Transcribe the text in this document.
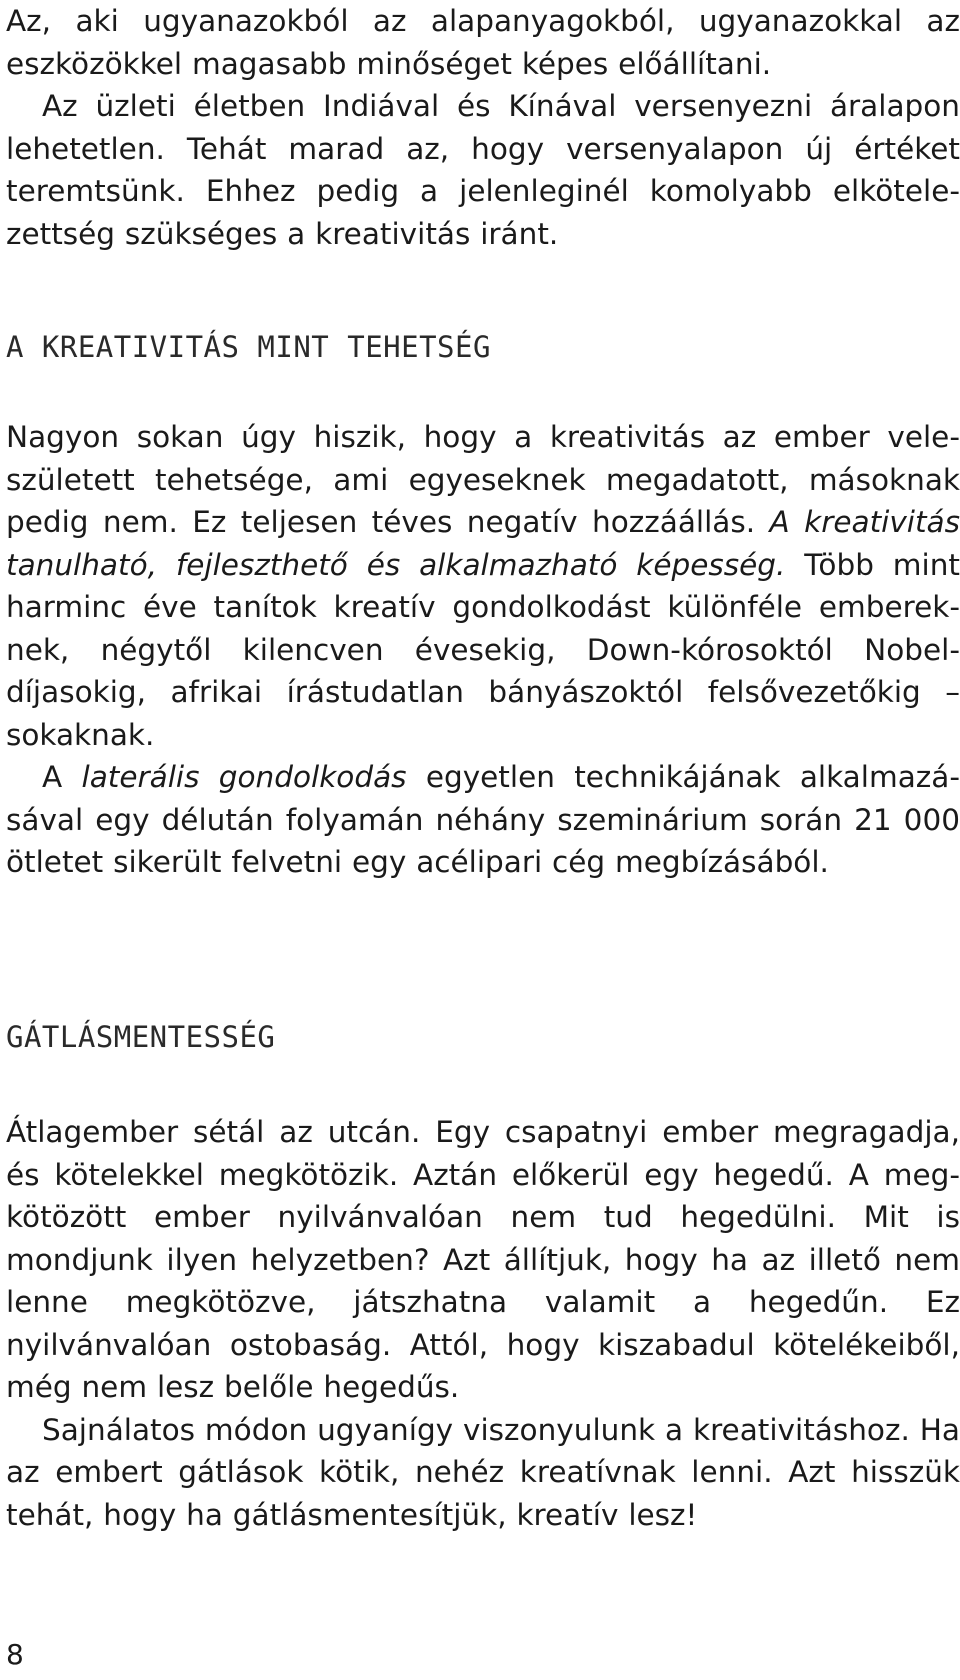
Az, aki ugyanazokból az alapanyagokból, ugyanazokkal az eszközökkel magasabb minőséget képes előállítani.

Az üzleti életben Indiával és Kínával versenyezni áralapon lehetetlen. Tehát marad az, hogy versenyalapon új értéket teremtsünk. Ehhez pedig a jelenleginél komolyabb elkötelezettség szükséges a kreativitás iránt.

A KREATIVITÁS MINT TEHETSÉG

Nagyon sokan úgy hiszik, hogy a kreativitás az ember veleszületett tehetsége, ami egyeseknek megadatott, másoknak pedig nem. Ez teljesen téves negatív hozzáállás. A kreativitás tanulható, fejleszthető és alkalmazható képesség. Több mint harminc éve tanítok kreatív gondolkodást különféle embereknek, négytől kilencven évesekig, Down-kórosoktól Nobeldíjasokig, afrikai írástudatlan bányászoktól felsővezetőkig – sokaknak.

A laterális gondolkodás egyetlen technikájának alkalmazásával egy délután folyamán néhány szeminárium során 21 000 ötletet sikerült felvetni egy acélipari cég megbízásából.

GÁTLÁSMENTESSÉG

Átlagember sétál az utcán. Egy csapatnyi ember megragadja, és kötelekkel megkötözik. Aztán előkerül egy hegedű. A megkötözött ember nyilvánvalóan nem tud hegedülni. Mit is mondjunk ilyen helyzetben? Azt állítjuk, hogy ha az illető nem lenne megkötözve, játszhatna valamit a hegedűn. Ez nyilvánvalóan ostobaság. Attól, hogy kiszabadul kötelékeiből, még nem lesz belőle hegedűs.

Sajnálatos módon ugyanígy viszonyulunk a kreativitáshoz. Ha az embert gátlások kötik, nehéz kreatívnak lenni. Azt hisszük tehát, hogy ha gátlásmentesítjük, kreatív lesz!

8
